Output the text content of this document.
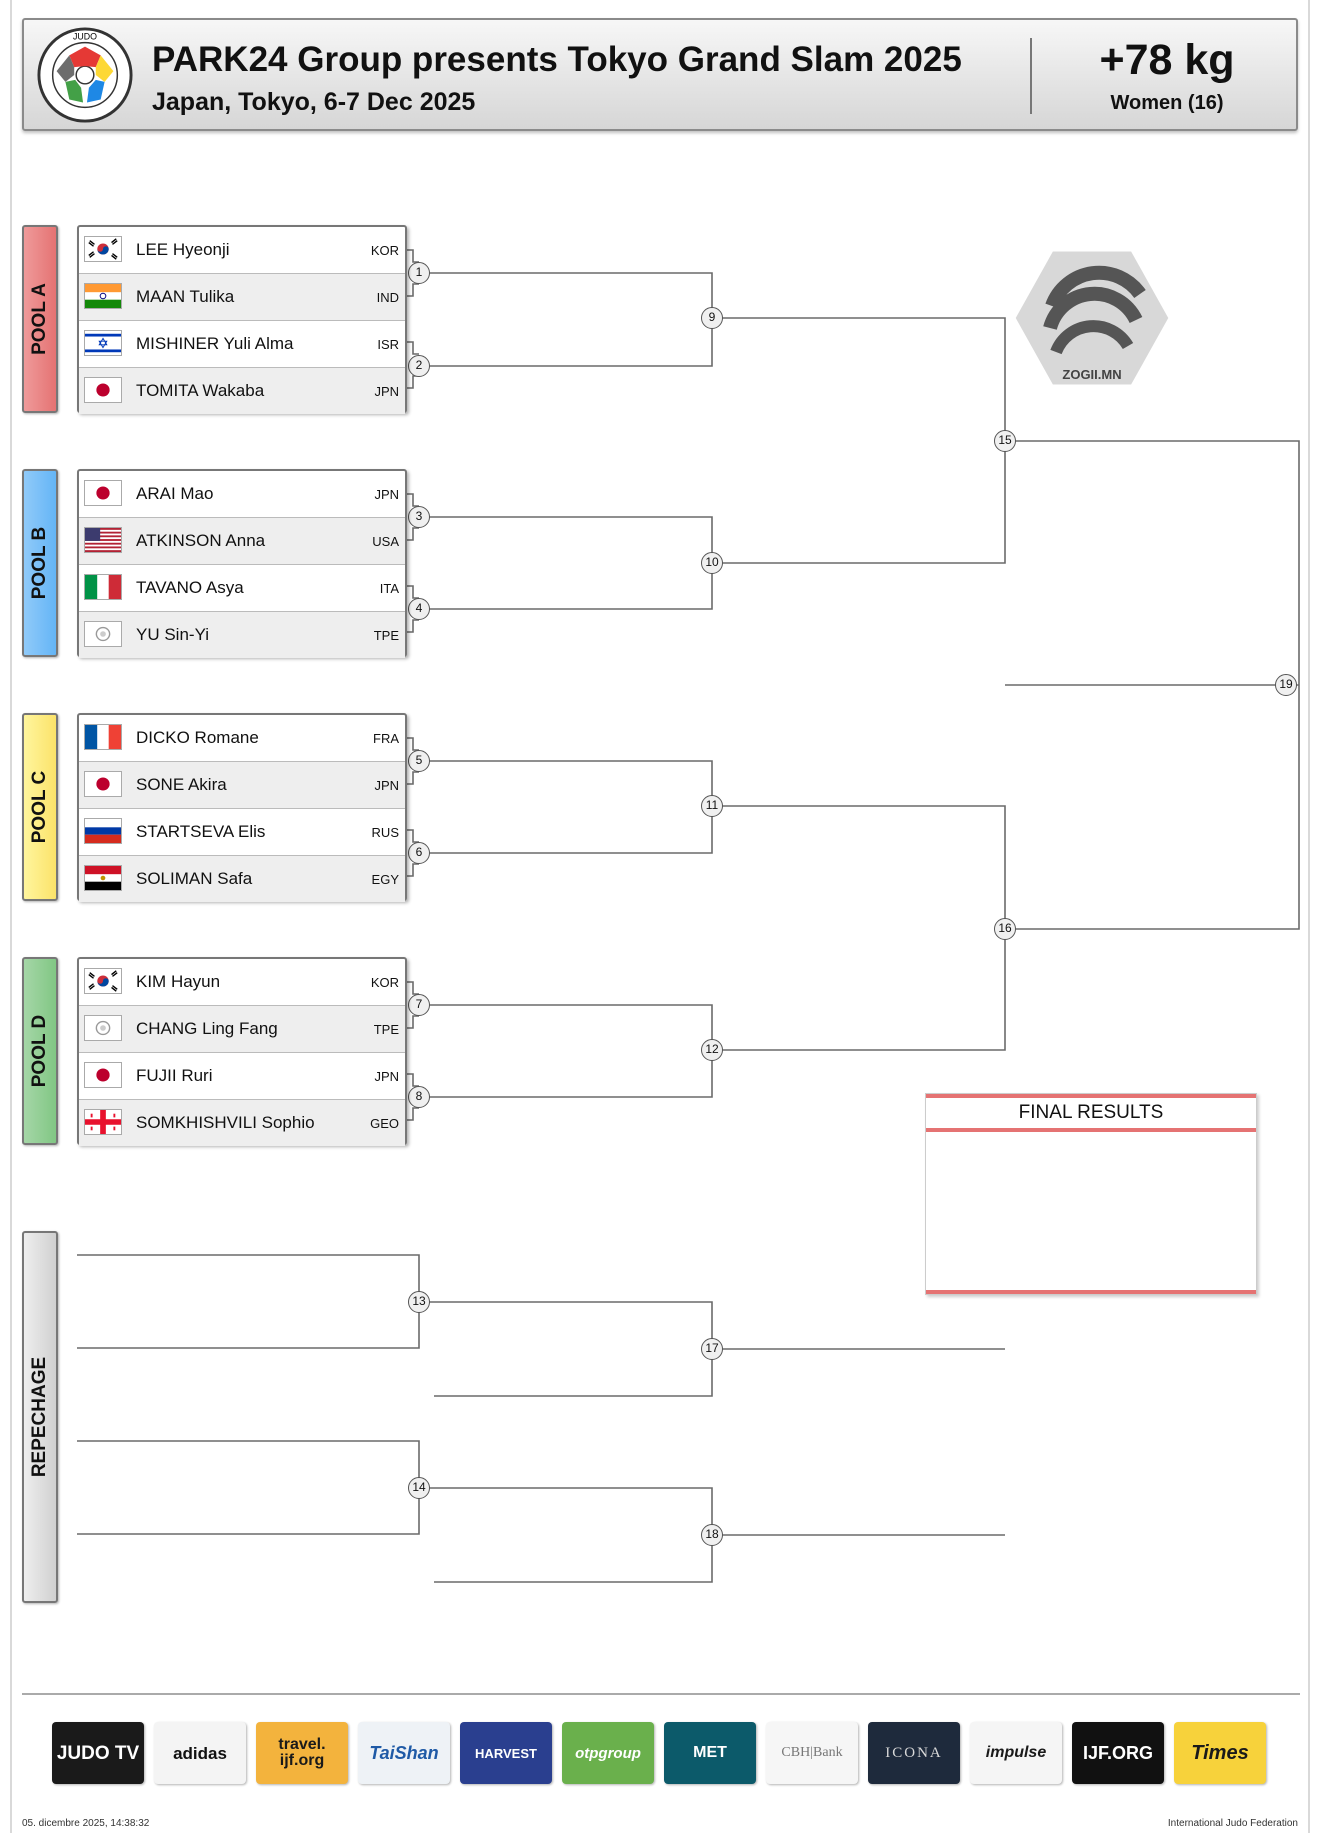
JUDO
PARK24 Group presents Tokyo Grand Slam 2025
Japan, Tokyo, 6-7 Dec 2025
+78 kg
Women (16)
POOL A
POOL B
POOL C
POOL D
REPECHAGE
1
2
3
4
5
6
7
8
9
10
11
12
13
14
15
16
17
18
19
LEE Hyeonji	KOR
MAAN Tulika	IND
MISHINER Yuli Alma	ISR
TOMITA Wakaba	JPN
ARAI Mao	JPN
ATKINSON Anna	USA
TAVANO Asya	ITA
YU Sin-Yi	TPE
DICKO Romane	FRA
SONE Akira	JPN
STARTSEVA Elis	RUS
SOLIMAN Safa	EGY
KIM Hayun	KOR
CHANG Ling Fang	TPE
FUJII Ruri	JPN
SOMKHISHVILI Sophio	GEO
ZOGII.MN
FINAL RESULTS
JUDO TV adidas	travel. ijf.org	TaiShan	HARVEST	otpgroup	MET	CBH|Bank	ICONA	impulse IJF.ORG Times
05. dicembre 2025, 14:38:32	International Judo Federation
